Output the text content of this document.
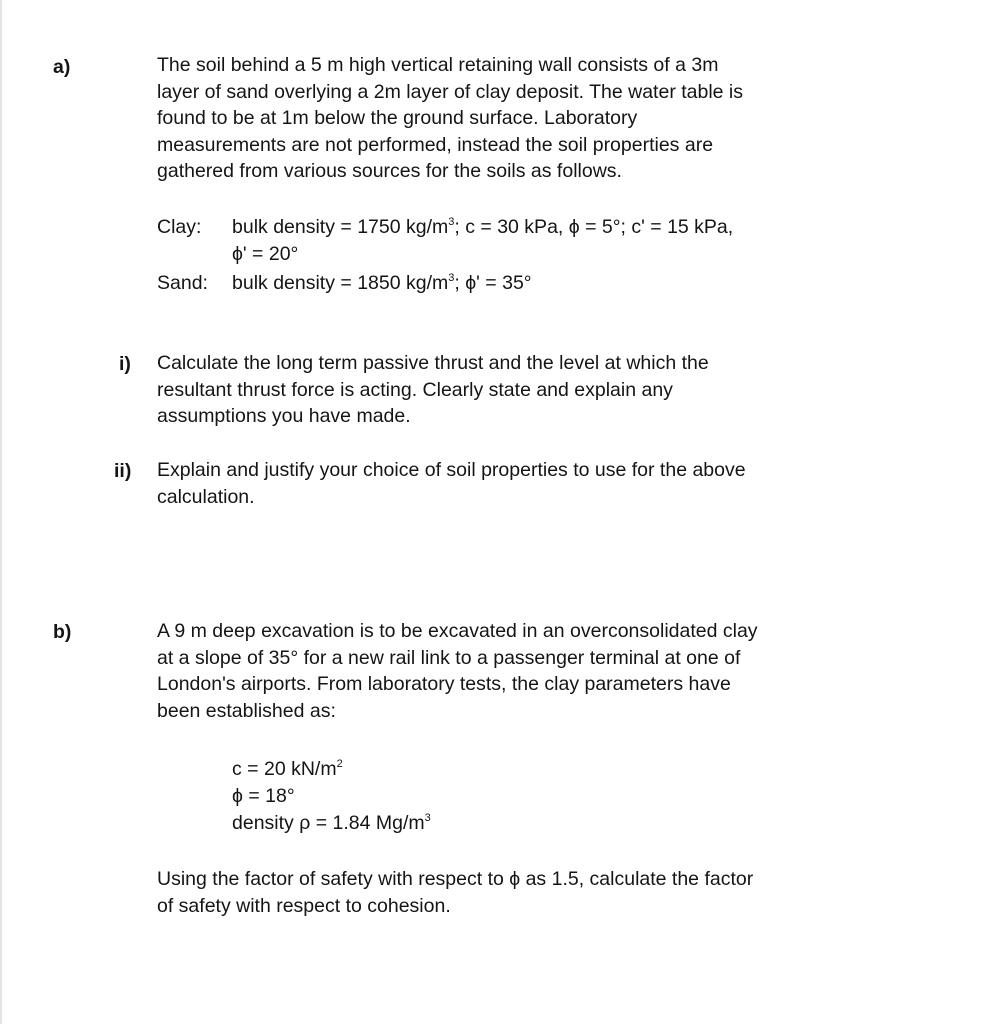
a)	The soil behind a 5 m high vertical retaining wall consists of a 3m
layer of sand overlying a 2m layer of clay deposit. The water table is
found to be at 1m below the ground surface. Laboratory
measurements are not performed, instead the soil properties are
gathered from various sources for the soils as follows.
Clay: bulk density = 1750 $kg/m^3$; c = 30 kPa, ϕ = 5°; c' = 15 kPa,
ϕ' = 20°
Sand: bulk density = 1850 $kg/m^3$; ϕ' = 35°
i) Calculate the long term passive thrust and the level at which the
resultant thrust force is acting. Clearly state and explain any
assumptions you have made.
ii) Explain and justify your choice of soil properties to use for the above
calculation.
b)	A 9 m deep excavation is to be excavated in an overconsolidated clay
at a slope of 35° for a new rail link to a passenger terminal at one of
London's airports. From laboratory tests, the clay parameters have
been established as:
c = 20 $kN/m^2$
ϕ = 18°
density ρ = 1.84 $Mg/m^3$
Using the factor of safety with respect to ϕ as 1.5, calculate the factor
of safety with respect to cohesion.
